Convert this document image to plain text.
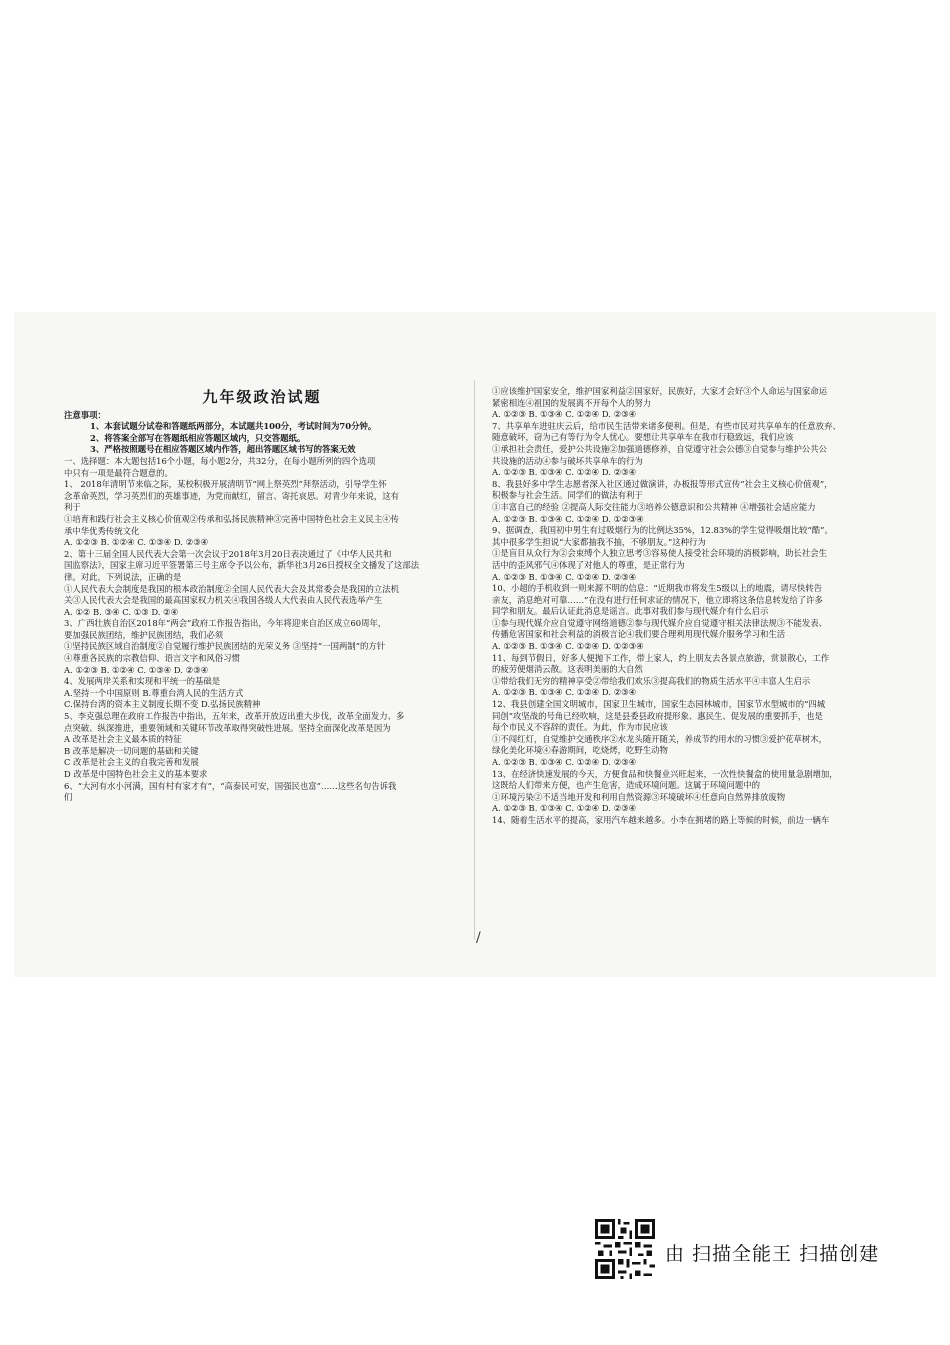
/
九年级政治试题
注意事项：
1、本套试题分试卷和答题纸两部分，本试题共100分，考试时间为70分钟。
2、将答案全部写在答题纸相应答题区域内，只交答题纸。
3、严格按照题号在相应答题区域内作答，超出答题区域书写的答案无效
一、选择题：本大题包括16个小题，每小题2分，共32分，在每小题所列的四个选项
中只有一项是最符合题意的。
1、 2018年清明节来临之际，某校积极开展清明节“网上祭英烈”拜祭活动，引导学生怀
念革命英烈，学习英烈们的英雄事迹，为党而献红，留言、寄托哀思。对青少年来说，这有
利于
①培育和践行社会主义核心价值观②传承和弘扬民族精神③完善中国特色社会主义民主④传
承中华优秀传统文化
A. ①②③ B. ①②④ C. ①③④ D. ②③④
2、第十三届全国人民代表大会第一次会议于2018年3月20日表决通过了《中华人民共和
国监察法》，国家主席习近平签署第三号主席令予以公布，新华社3月26日授权全文播发了这部法
律。对此，下列说法，正确的是
①人民代表大会制度是我国的根本政治制度②全国人民代表大会及其常委会是我国的立法机
关③人民代表大会是我国的最高国家权力机关④我国各级人大代表由人民代表选举产生
A. ①② B. ③④ C. ①③ D. ②④
3、广西壮族自治区2018年“两会”政府工作报告指出，今年将迎来自治区成立60周年，
要加强民族团结，维护民族团结，我们必须
①坚持民族区域自治制度②自觉履行维护民族团结的光荣义务 ③坚持“一国两制”的方针
④尊重各民族的宗教信仰、语言文字和风俗习惯
A. ①②③ B. ①②④ C. ①③④ D. ②③④
4、发展两岸关系和实现和平统一的基础是
A.坚持一个中国原则 B.尊重台湾人民的生活方式
C.保持台湾的资本主义制度长期不变 D.弘扬民族精神
5、李克强总理在政府工作报告中指出，五年来，改革开放迈出重大步伐，改革全面发力、多
点突破、纵深推进，重要领域和关键环节改革取得突破性进展。坚持全面深化改革是因为
A 改革是社会主义最本质的特征
B 改革是解决一切问题的基础和关键
C 改革是社会主义的自我完善和发展
D 改革是中国特色社会主义的基本要求
6、“大河有水小河满，国有村有家才有”，“高泰民可安，国强民也富”……这些名句告诉我
们
①应该维护国家安全，维护国家利益②国家好，民族好，大家才会好③个人命运与国家命运
紧密相连④祖国的发展离不开每个人的努力
A. ①②③ B. ①③④ C. ①②④ D. ②③④
7、共享单车进驻庆云后，给市民生活带来诸多便利。但是，有些市民对共享单车的任意放弃、
随意破坏，窃为己有等行为令人忧心。要想让共享单车在我市行稳致远，我们应该
①承担社会责任，爱护公共设施②加强道德修养，自觉遵守社会公德③自觉参与维护公共公
共设施的活动④参与破坏共享单车的行为
A. ①②③ B. ①③④ C. ①②④ D. ②③④
8、我县好多中学生志愿者深入社区通过做演讲，办板报等形式宣传“社会主义核心价值观”，
积极参与社会生活。同学们的做法有利于
①丰富自己的经验 ②提高人际交往能力③培养公德意识和公共精神 ④增强社会适应能力
A. ①②③ B. ①③④ C. ①②④ D. ①②③④
9、据调查，我国初中男生有过吸烟行为的比例达35%，12.83%的学生觉得吸烟比较“酷”。
其中很多学生担说“大家都抽我不抽，不够朋友。”这种行为
①是盲目从众行为②会束缚个人独立思考③容易使人接受社会环境的消极影响，助长社会生
活中的歪风邪气④体现了对他人的尊重，是正常行为
A. ①②③ B. ①③④ C. ①②④ D. ②③④
10、小超的手机收到一则来源不明的信息：“近期我市将发生5级以上的地震，请尽快转告
亲友，消息绝对可靠……”在没有进行任何求证的情况下，他立即将这条信息转发给了许多
同学和朋友。最后认证此消息是谣言。此事对我们参与现代媒介有什么启示
①参与现代媒介应自觉遵守网络道德②参与现代媒介应自觉遵守相关法律法规③不能发表、
传播危害国家和社会利益的消极言论④我们要合理利用现代媒介服务学习和生活
A. ①②③ B. ①③④ C. ①②④ D. ①②③④
11、每到节假日，好多人便抛下工作，带上家人，约上朋友去各景点旅游，赏景散心，工作
的疲劳便烟消云散。这表明美丽的大自然
①带给我们无穷的精神享受②带给我们欢乐③提高我们的物质生活水平④丰富人生启示
A. ①②③ B. ①③④ C. ①②④ D. ②③④
12、我县创建全国文明城市，国家卫生城市，国家生态园林城市，国家节水型城市的“四城
同创”攻坚战的号角已经吹响，这是县委县政府提形象、惠民生、促发展的重要抓手，也是
每个市民义不容辞的责任。为此，作为市民应该
①不闯红灯，自觉维护交通秩序②水龙头随开随关，养成节约用水的习惯③爱护花草树木，
绿化美化环境④春游期间，吃烧烤，吃野生动物
A. ①②③ B. ①③④ C. ①②④ D. ②③④
13、在经济快速发展的今天，方便食品和快餐业兴旺起来，一次性快餐盒的使用量急剧增加，
这既给人们带来方便，也产生危害，造成环境问题。这属于环境问题中的
①环境污染②不适当地开发和利用自然资源③环境破坏④任意向自然界排放废物
A. ①②③ B. ①③④ C. ①②④ D. ②③④
14、随着生活水平的提高，家用汽车越来越多。小李在拥堵的路上等候的时候，前边一辆车
由 扫描全能王 扫描创建
